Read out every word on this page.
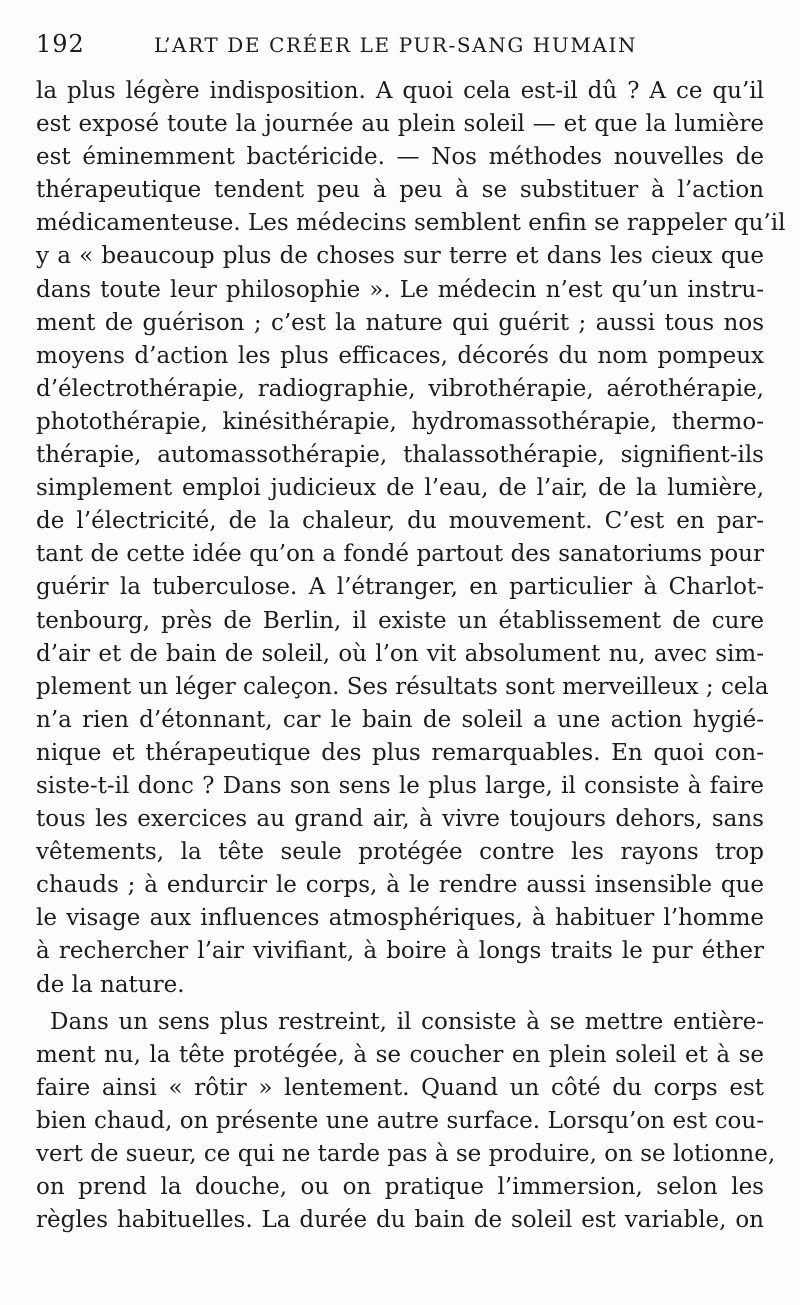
192	L’ART DE CRÉER LE PUR-SANG HUMAIN
la plus légère indisposition. A quoi cela est-il dû ? A ce qu’il
est exposé toute la journée au plein soleil — et que la lumière
est éminemment bactéricide. — Nos méthodes nouvelles de
thérapeutique tendent peu à peu à se substituer à l’action
médicamenteuse. Les médecins semblent enfin se rappeler qu’il
y a « beaucoup plus de choses sur terre et dans les cieux que
dans toute leur philosophie ». Le médecin n’est qu’un instru-
ment de guérison ; c’est la nature qui guérit ; aussi tous nos
moyens d’action les plus efficaces, décorés du nom pompeux
d’électrothérapie, radiographie, vibrothérapie, aérothérapie,
photothérapie, kinésithérapie, hydromassothérapie, thermo-
thérapie, automassothérapie, thalassothérapie, signifient-ils
simplement emploi judicieux de l’eau, de l’air, de la lumière,
de l’électricité, de la chaleur, du mouvement. C’est en par-
tant de cette idée qu’on a fondé partout des sanatoriums pour
guérir la tuberculose. A l’étranger, en particulier à Charlot-
tenbourg, près de Berlin, il existe un établissement de cure
d’air et de bain de soleil, où l’on vit absolument nu, avec sim-
plement un léger caleçon. Ses résultats sont merveilleux ; cela
n’a rien d’étonnant, car le bain de soleil a une action hygié-
nique et thérapeutique des plus remarquables. En quoi con-
siste-t-il donc ? Dans son sens le plus large, il consiste à faire
tous les exercices au grand air, à vivre toujours dehors, sans
vêtements, la tête seule protégée contre les rayons trop
chauds ; à endurcir le corps, à le rendre aussi insensible que
le visage aux influences atmosphériques, à habituer l’homme
à rechercher l’air vivifiant, à boire à longs traits le pur éther
de la nature.
Dans un sens plus restreint, il consiste à se mettre entière-
ment nu, la tête protégée, à se coucher en plein soleil et à se
faire ainsi « rôtir » lentement. Quand un côté du corps est
bien chaud, on présente une autre surface. Lorsqu’on est cou-
vert de sueur, ce qui ne tarde pas à se produire, on se lotionne,
on prend la douche, ou on pratique l’immersion, selon les
règles habituelles. La durée du bain de soleil est variable, on
